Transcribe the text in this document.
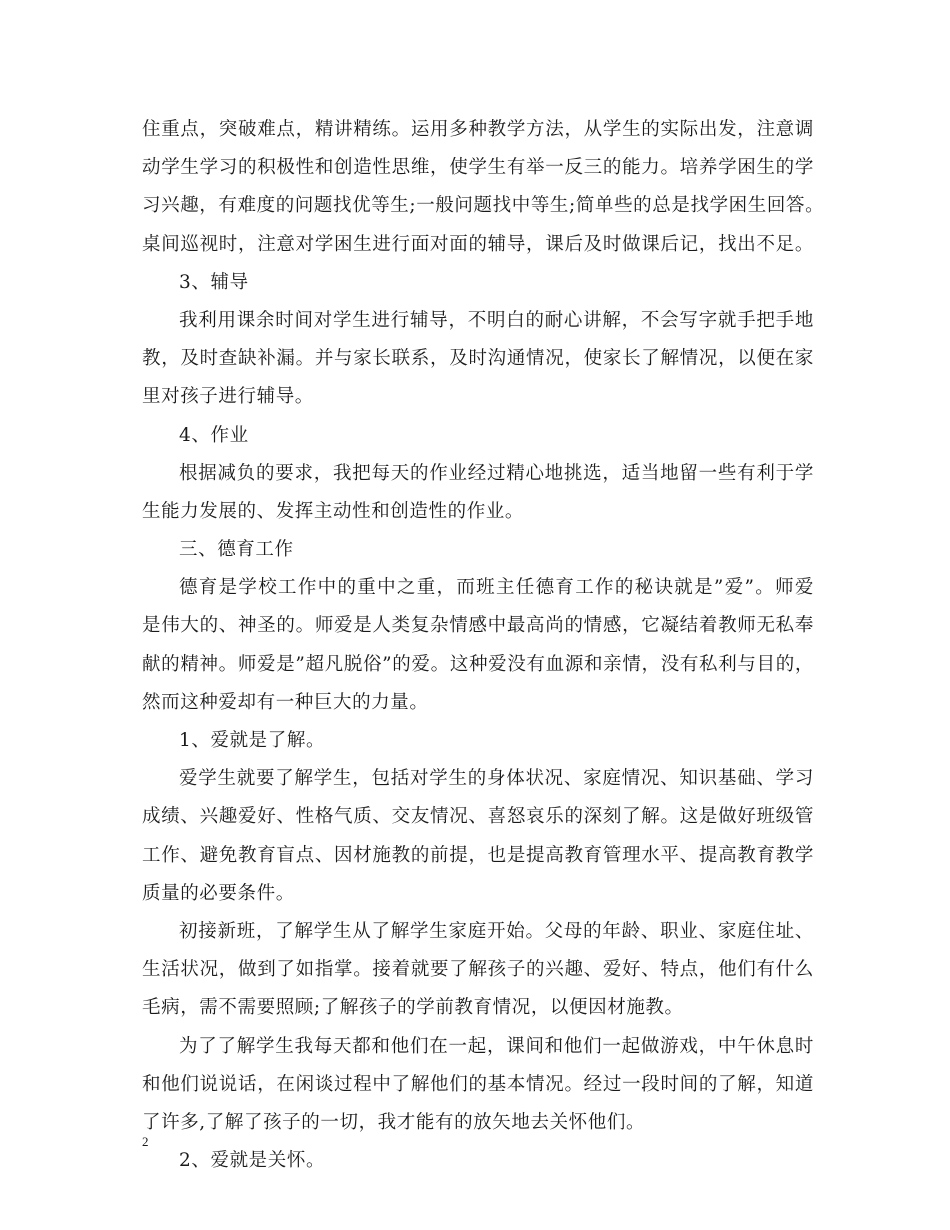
住重点，突破难点，精讲精练。运用多种教学方法，从学生的实际出发，注意调
动学生学习的积极性和创造性思维，使学生有举一反三的能力。培养学困生的学
习兴趣，有难度的问题找优等生;一般问题找中等生;简单些的总是找学困生回答。
桌间巡视时，注意对学困生进行面对面的辅导，课后及时做课后记，找出不足。
3、辅导
我利用课余时间对学生进行辅导，不明白的耐心讲解，不会写字就手把手地
教，及时查缺补漏。并与家长联系，及时沟通情况，使家长了解情况，以便在家
里对孩子进行辅导。
4、作业
根据减负的要求，我把每天的作业经过精心地挑选，适当地留一些有利于学
生能力发展的、发挥主动性和创造性的作业。
三、德育工作
德育是学校工作中的重中之重，而班主任德育工作的秘诀就是”爱”。师爱
是伟大的、神圣的。师爱是人类复杂情感中最高尚的情感，它凝结着教师无私奉
献的精神。师爱是”超凡脱俗”的爱。这种爱没有血源和亲情，没有私利与目的，
然而这种爱却有一种巨大的力量。
1、爱就是了解。
爱学生就要了解学生，包括对学生的身体状况、家庭情况、知识基础、学习
成绩、兴趣爱好、性格气质、交友情况、喜怒哀乐的深刻了解。这是做好班级管
工作、避免教育盲点、因材施教的前提，也是提高教育管理水平、提高教育教学
质量的必要条件。
初接新班，了解学生从了解学生家庭开始。父母的年龄、职业、家庭住址、
生活状况，做到了如指掌。接着就要了解孩子的兴趣、爱好、特点，他们有什么
毛病，需不需要照顾;了解孩子的学前教育情况，以便因材施教。
为了了解学生我每天都和他们在一起，课间和他们一起做游戏，中午休息时
和他们说说话，在闲谈过程中了解他们的基本情况。经过一段时间的了解，知道
了许多,了解了孩子的一切，我才能有的放矢地去关怀他们。
2、爱就是关怀。
2
